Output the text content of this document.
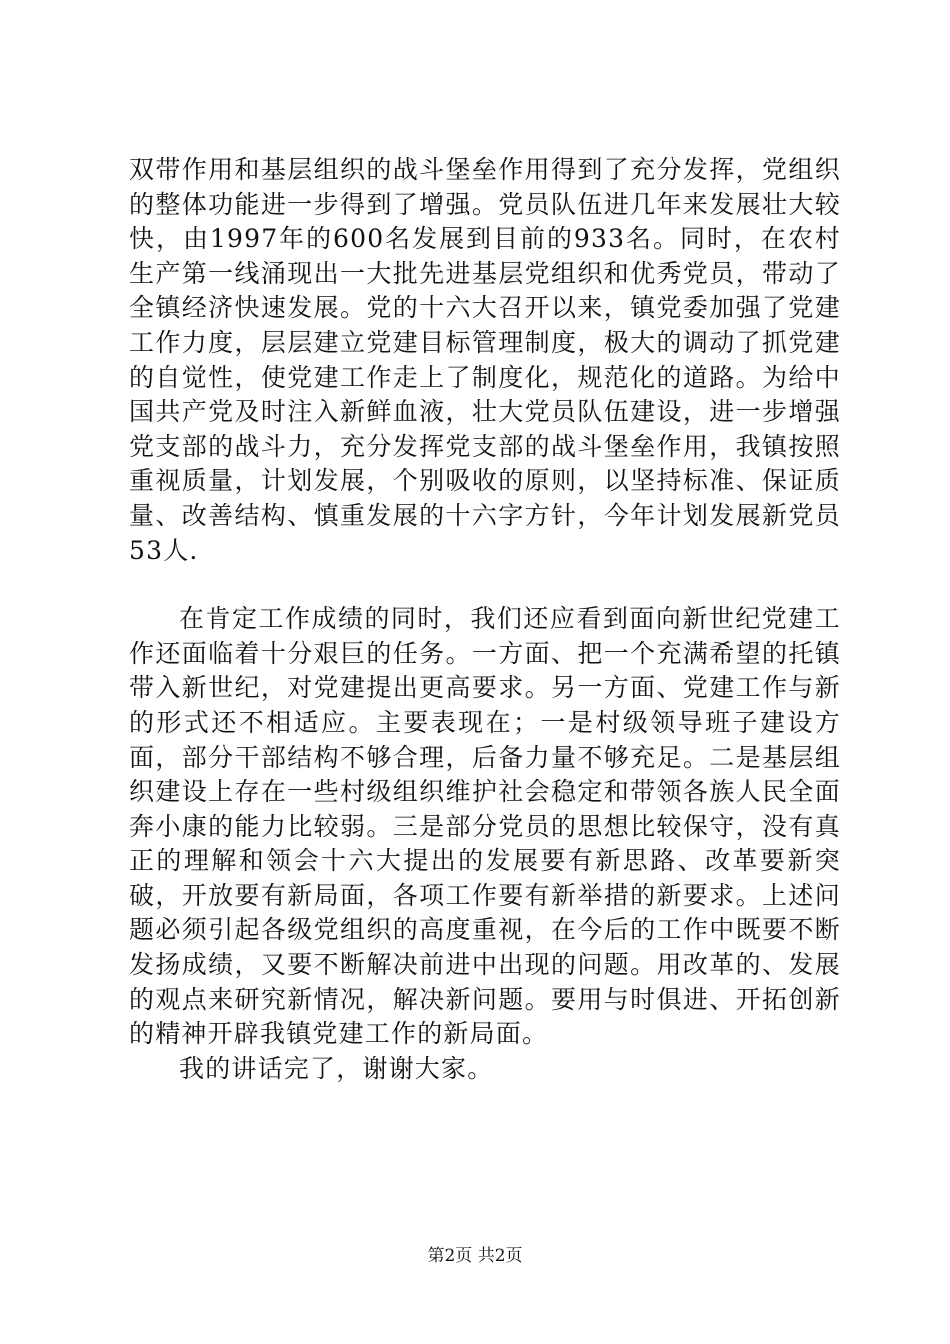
双带作用和基层组织的战斗堡垒作用得到了充分发挥，党组织的整体功能进一步得到了增强。党员队伍进几年来发展壮大较快，由1997年的600名发展到目前的933名。同时，在农村生产第一线涌现出一大批先进基层党组织和优秀党员，带动了全镇经济快速发展。党的十六大召开以来，镇党委加强了党建工作力度，层层建立党建目标管理制度，极大的调动了抓党建的自觉性，使党建工作走上了制度化，规范化的道路。为给中国共产党及时注入新鲜血液，壮大党员队伍建设，进一步增强党支部的战斗力，充分发挥党支部的战斗堡垒作用，我镇按照重视质量，计划发展，个别吸收的原则，以坚持标准、保证质量、改善结构、慎重发展的十六字方针，今年计划发展新党员53人.

在肯定工作成绩的同时，我们还应看到面向新世纪党建工作还面临着十分艰巨的任务。一方面、把一个充满希望的托镇带入新世纪，对党建提出更高要求。另一方面、党建工作与新的形式还不相适应。主要表现在；一是村级领导班子建设方面，部分干部结构不够合理，后备力量不够充足。二是基层组织建设上存在一些村级组织维护社会稳定和带领各族人民全面奔小康的能力比较弱。三是部分党员的思想比较保守，没有真正的理解和领会十六大提出的发展要有新思路、改革要新突破，开放要有新局面，各项工作要有新举措的新要求。上述问题必须引起各级党组织的高度重视，在今后的工作中既要不断发扬成绩，又要不断解决前进中出现的问题。用改革的、发展的观点来研究新情况，解决新问题。要用与时俱进、开拓创新的精神开辟我镇党建工作的新局面。

我的讲话完了，谢谢大家。

第2页 共2页
